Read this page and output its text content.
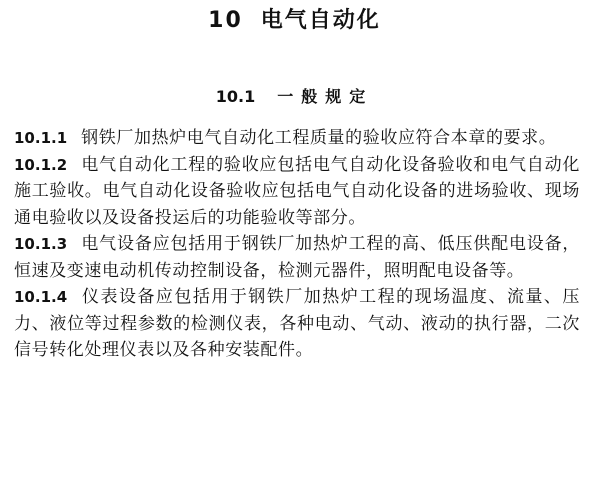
10 电气自动化
10.1 一般规定

10.1.1 钢铁厂加热炉电气自动化工程质量的验收应符合本章的要求。

10.1.2 电气自动化工程的验收应包括电气自动化设备验收和电气自动化施工验收。电气自动化设备验收应包括电气自动化设备的进场验收、现场通电验收以及设备投运后的功能验收等部分。

10.1.3 电气设备应包括用于钢铁厂加热炉工程的高、低压供配电设备，恒速及变速电动机传动控制设备，检测元器件，照明配电设备等。

10.1.4 仪表设备应包括用于钢铁厂加热炉工程的现场温度、流量、压力、液位等过程参数的检测仪表，各种电动、气动、液动的执行器，二次信号转化处理仪表以及各种安装配件。
